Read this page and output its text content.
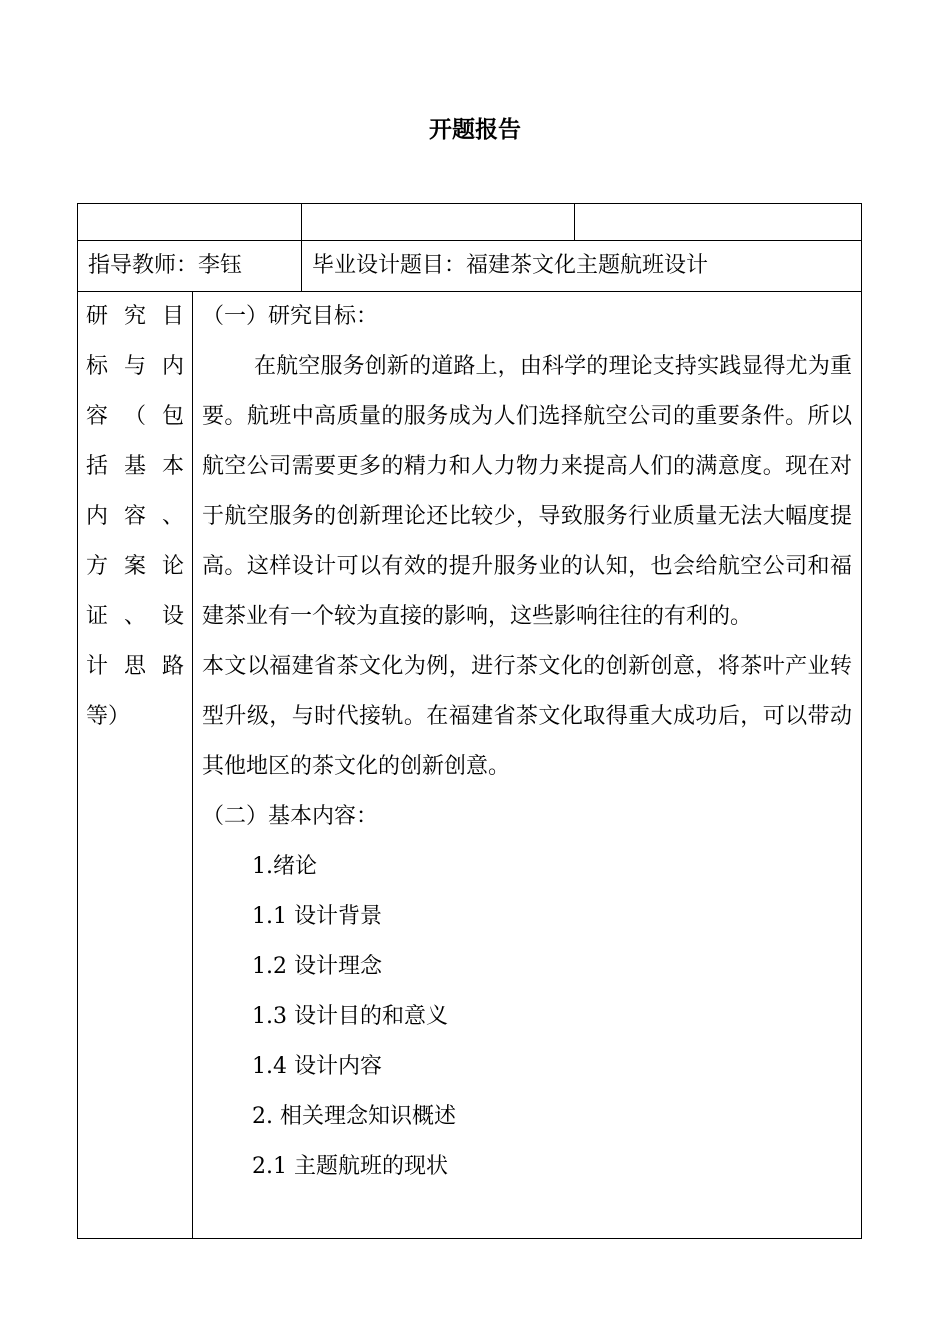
开题报告
指导教师：李钰	毕业设计题目：福建茶文化主题航班设计
研 究 目
标 与 内
容 （ 包
括 基 本
内 容 、
方 案 论
证 、 设
计 思 路
等）

（一）研究目标：

在航空服务创新的道路上，由科学的理论支持实践显得尤为重要。航班中高质量的服务成为人们选择航空公司的重要条件。所以航空公司需要更多的精力和人力物力来提高人们的满意度。现在对于航空服务的创新理论还比较少，导致服务行业质量无法大幅度提高。这样设计可以有效的提升服务业的认知，也会给航空公司和福建茶业有一个较为直接的影响，这些影响往往的有利的。

本文以福建省茶文化为例，进行茶文化的创新创意，将茶叶产业转型升级，与时代接轨。在福建省茶文化取得重大成功后，可以带动其他地区的茶文化的创新创意。

（二）基本内容：

1.绪论

1.1 设计背景

1.2 设计理念

1.3 设计目的和意义

1.4 设计内容

2. 相关理念知识概述

2.1 主题航班的现状
